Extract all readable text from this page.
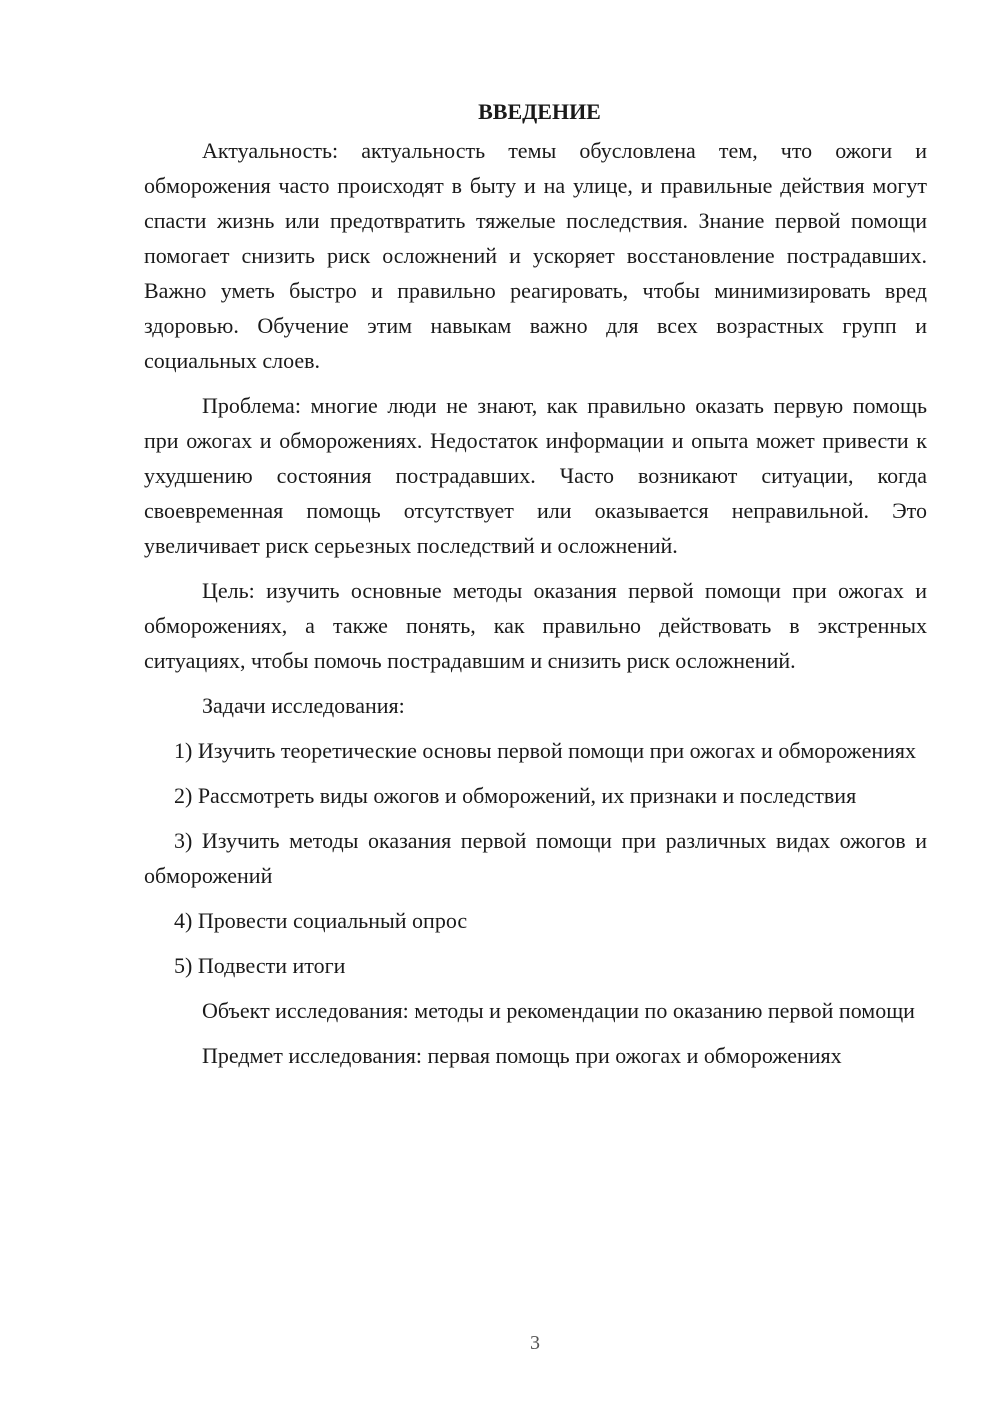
ВВЕДЕНИЕ

Актуальность: актуальность темы обусловлена тем, что ожоги и обморожения часто происходят в быту и на улице, и правильные действия могут спасти жизнь или предотвратить тяжелые последствия. Знание первой помощи помогает снизить риск осложнений и ускоряет восстановление пострадавших. Важно уметь быстро и правильно реагировать, чтобы минимизировать вред здоровью. Обучение этим навыкам важно для всех возрастных групп и социальных слоев.

Проблема: многие люди не знают, как правильно оказать первую помощь при ожогах и обморожениях. Недостаток информации и опыта может привести к ухудшению состояния пострадавших. Часто возникают ситуации, когда своевременная помощь отсутствует или оказывается неправильной. Это увеличивает риск серьезных последствий и осложнений.

Цель: изучить основные методы оказания первой помощи при ожогах и обморожениях, а также понять, как правильно действовать в экстренных ситуациях, чтобы помочь пострадавшим и снизить риск осложнений.

Задачи исследования:

1) Изучить теоретические основы первой помощи при ожогах и обморожениях

2) Рассмотреть виды ожогов и обморожений, их признаки и последствия

3) Изучить методы оказания первой помощи при различных видах ожогов и обморожений

4) Провести социальный опрос

5) Подвести итоги

Объект исследования: методы и рекомендации по оказанию первой помощи

Предмет исследования: первая помощь при ожогах и обморожениях

3
